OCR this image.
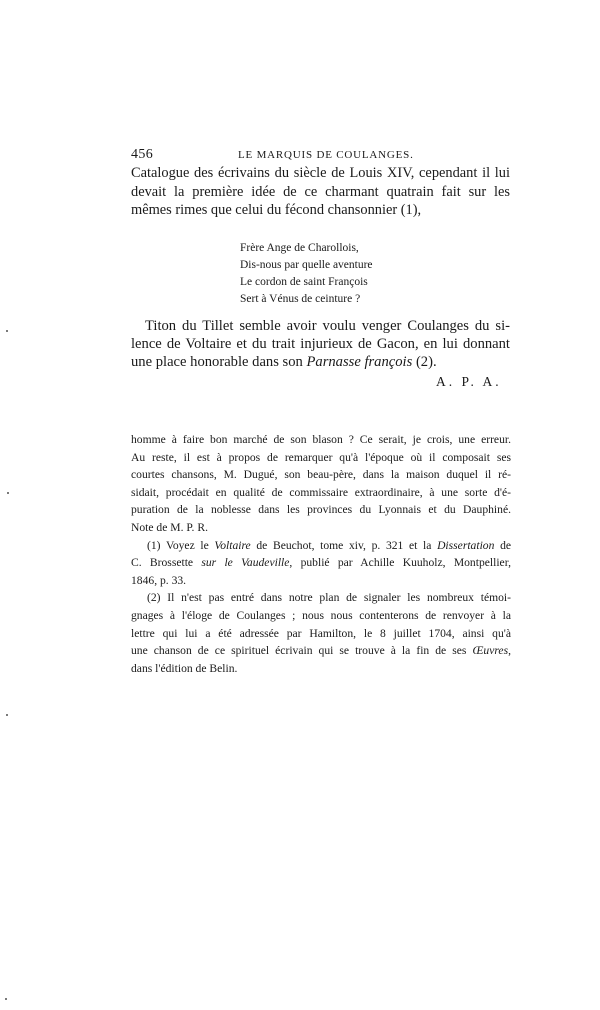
456	LE MARQUIS DE COULANGES.
Catalogue des écrivains du siècle de Louis XIV, cependant il lui
devait la première idée de ce charmant quatrain fait sur les
mêmes rimes que celui du fécond chansonnier (1),
Frère Ange de Charollois,
Dis-nous par quelle aventure
Le cordon de saint François
Sert à Vénus de ceinture ?
Titon du Tillet semble avoir voulu venger Coulanges du si-
lence de Voltaire et du trait injurieux de Gacon, en lui donnant
une place honorable dans son Parnasse françois (2).
A. P. A.
homme à faire bon marché de son blason ? Ce serait, je crois, une erreur.
Au reste, il est à propos de remarquer qu'à l'époque où il composait ses
courtes chansons, M. Dugué, son beau-père, dans la maison duquel il ré-
sidait, procédait en qualité de commissaire extraordinaire, à une sorte d'é-
puration de la noblesse dans les provinces du Lyonnais et du Dauphiné.
Note de M. P. R.
(1) Voyez le Voltaire de Beuchot, tome xiv, p. 321 et la Dissertation de
C. Brossette sur le Vaudeville, publié par Achille Kuuholz, Montpellier,
1846, p. 33.
(2) Il n'est pas entré dans notre plan de signaler les nombreux témoi-
gnages à l'éloge de Coulanges ; nous nous contenterons de renvoyer à la
lettre qui lui a été adressée par Hamilton, le 8 juillet 1704, ainsi qu'à
une chanson de ce spirituel écrivain qui se trouve à la fin de ses Œuvres,
dans l'édition de Belin.
